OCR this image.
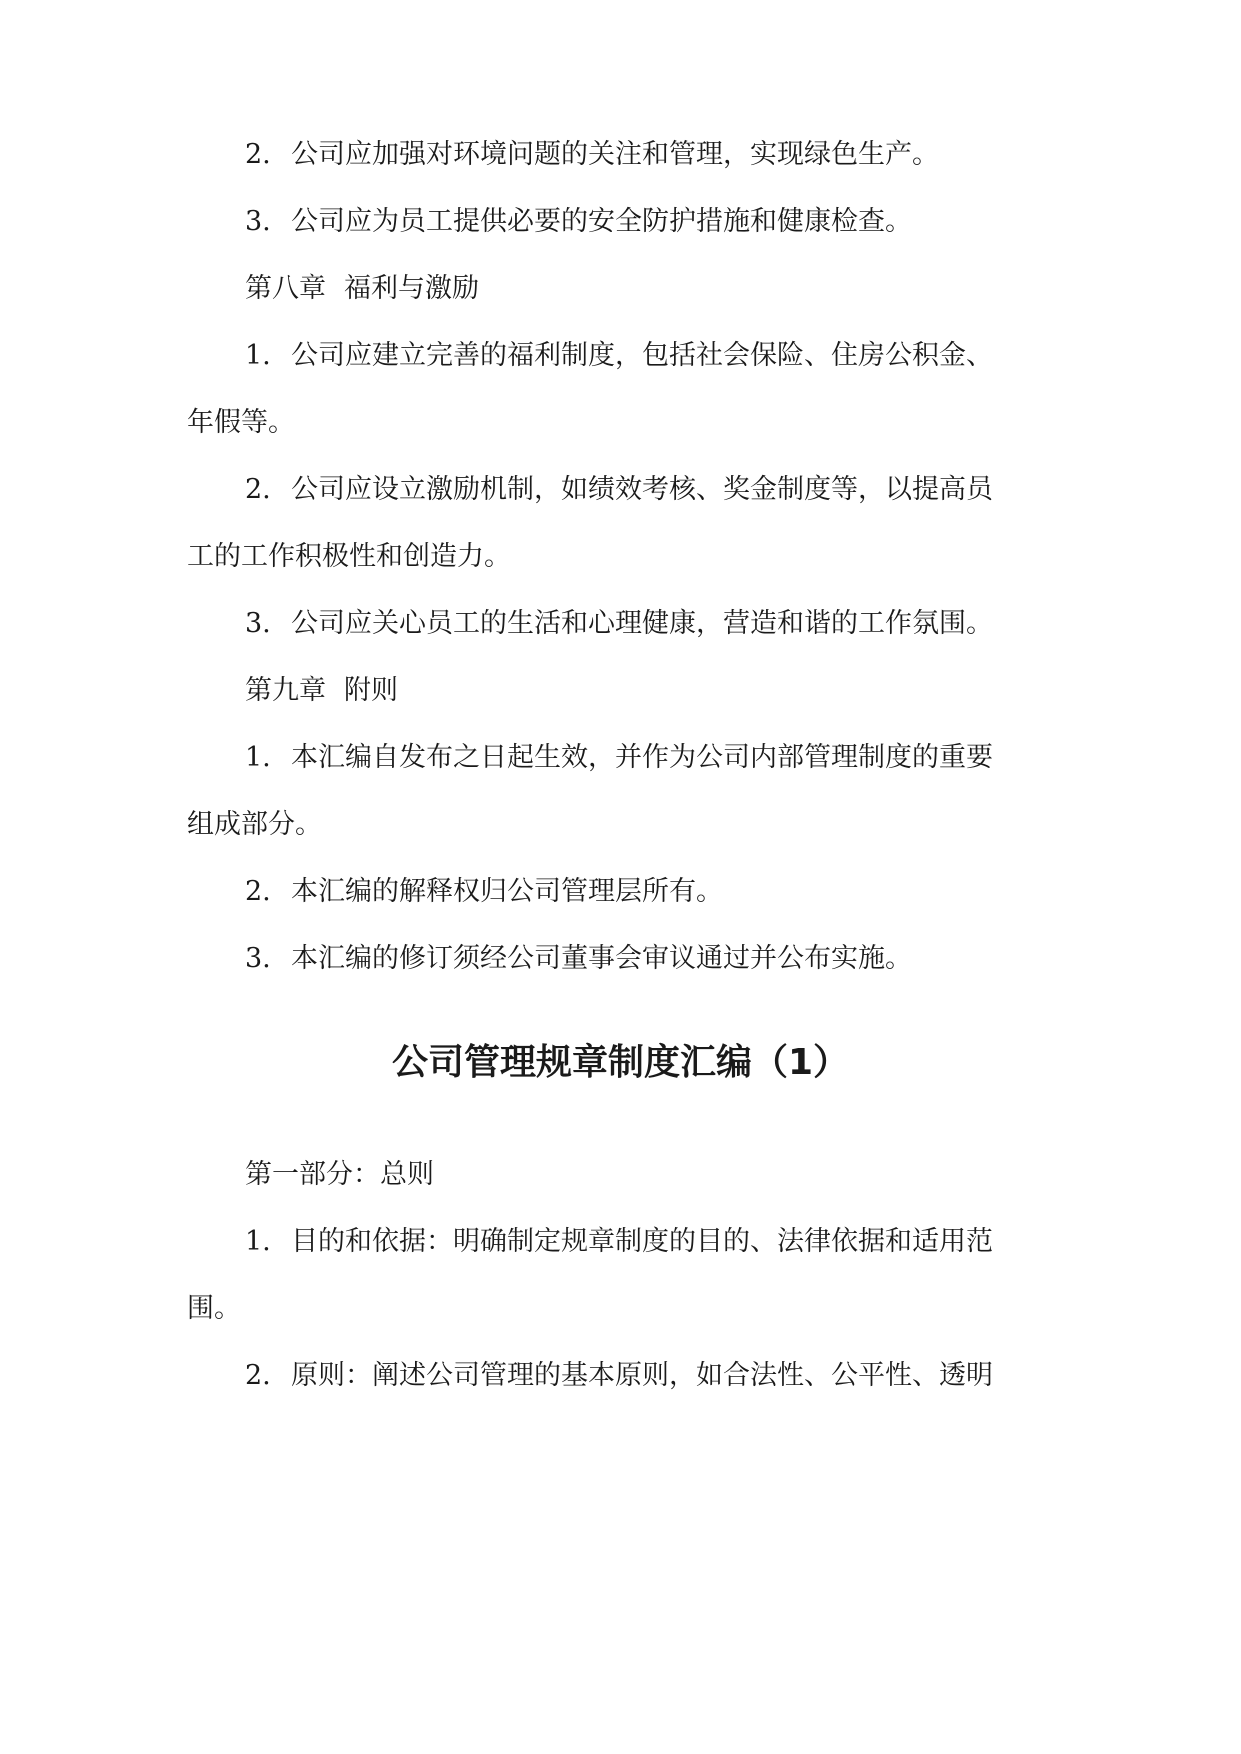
2. 公司应加强对环境问题的关注和管理，实现绿色生产。
3. 公司应为员工提供必要的安全防护措施和健康检查。
第八章 福利与激励
1. 公司应建立完善的福利制度，包括社会保险、住房公积金、
年假等。
2. 公司应设立激励机制，如绩效考核、奖金制度等，以提高员
工的工作积极性和创造力。
3. 公司应关心员工的生活和心理健康，营造和谐的工作氛围。
第九章 附则
1. 本汇编自发布之日起生效，并作为公司内部管理制度的重要
组成部分。
2. 本汇编的解释权归公司管理层所有。
3. 本汇编的修订须经公司董事会审议通过并公布实施。
公司管理规章制度汇编（1）
第一部分：总则
1. 目的和依据：明确制定规章制度的目的、法律依据和适用范
围。
2. 原则：阐述公司管理的基本原则，如合法性、公平性、透明
